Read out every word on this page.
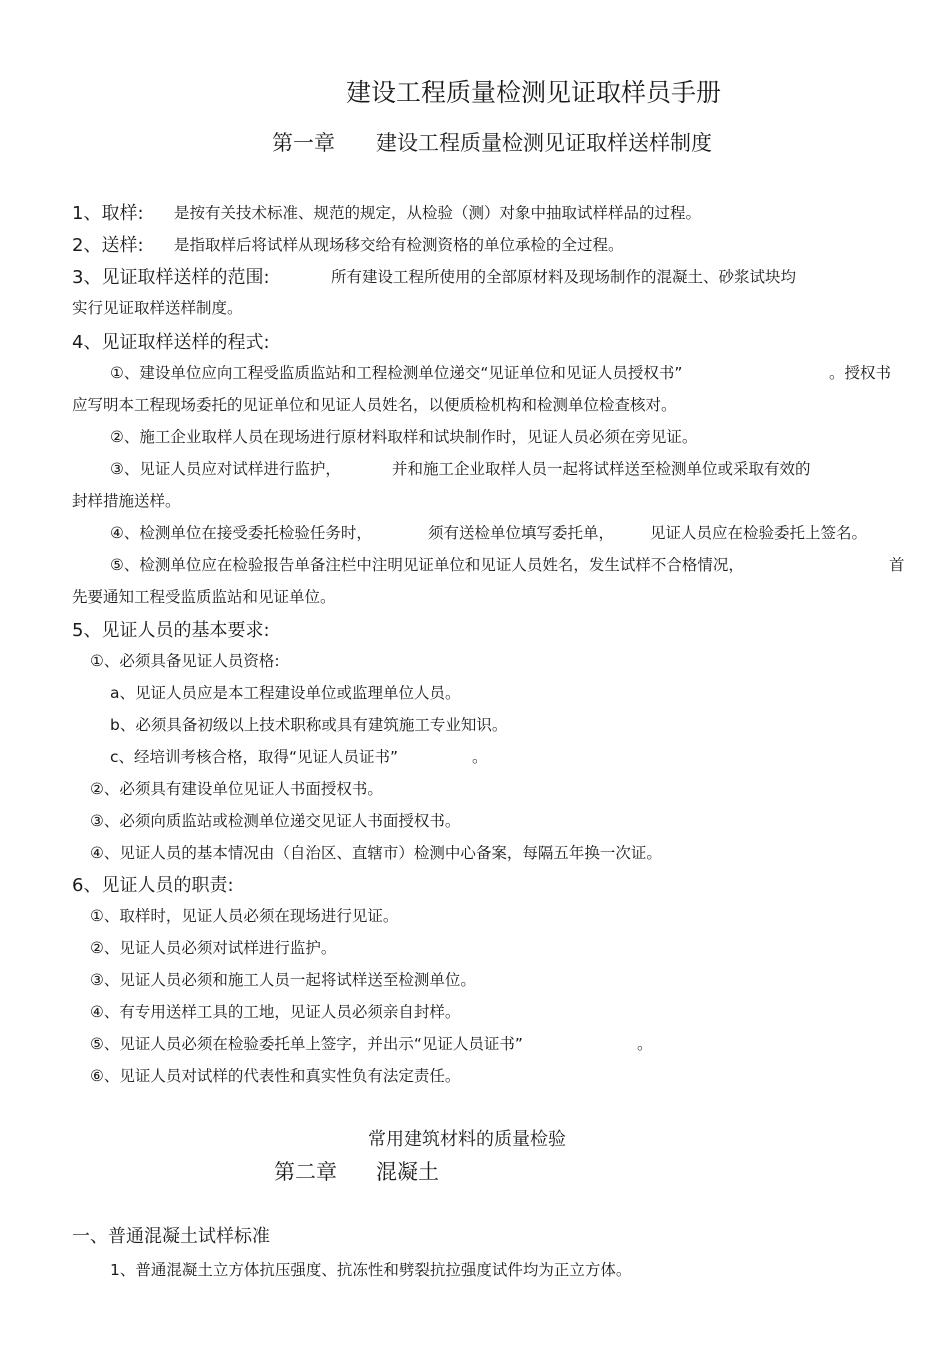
建设工程质量检测见证取样员手册
第一章 建设工程质量检测见证取样送样制度
1、取样: 是按有关技术标准、规范的规定，从检验（测）对象中抽取试样样品的过程。
2、送样: 是指取样后将试样从现场移交给有检测资格的单位承检的全过程。
3、见证取样送样的范围:	所有建设工程所使用的全部原材料及现场制作的混凝土、砂浆试块均
实行见证取样送样制度。
4、见证取样送样的程式:
①、建设单位应向工程受监质监站和工程检测单位递交“见证单位和见证人员授权书”	。授权书
应写明本工程现场委托的见证单位和见证人员姓名，以便质检机构和检测单位检查核对。
②、施工企业取样人员在现场进行原材料取样和试块制作时，见证人员必须在旁见证。
③、见证人员应对试样进行监护，	并和施工企业取样人员一起将试样送至检测单位或采取有效的
封样措施送样。
④、检测单位在接受委托检验任务时，	须有送检单位填写委托单， 见证人员应在检验委托上签名。
⑤、检测单位应在检验报告单备注栏中注明见证单位和见证人员姓名，发生试样不合格情况，	首
先要通知工程受监质监站和见证单位。
5、见证人员的基本要求:
①、必须具备见证人员资格:
a、见证人员应是本工程建设单位或监理单位人员。
b、必须具备初级以上技术职称或具有建筑施工专业知识。
c、经培训考核合格，取得“见证人员证书”	。
②、必须具有建设单位见证人书面授权书。
③、必须向质监站或检测单位递交见证人书面授权书。
④、见证人员的基本情况由（自治区、直辖市）检测中心备案，每隔五年换一次证。
6、见证人员的职责:
①、取样时，见证人员必须在现场进行见证。
②、见证人员必须对试样进行监护。
③、见证人员必须和施工人员一起将试样送至检测单位。
④、有专用送样工具的工地，见证人员必须亲自封样。
⑤、见证人员必须在检验委托单上签字，并出示“见证人员证书”	。
⑥、见证人员对试样的代表性和真实性负有法定责任。
常用建筑材料的质量检验
第二章 混凝土
一、普通混凝土试样标准
1、普通混凝土立方体抗压强度、抗冻性和劈裂抗拉强度试件均为正立方体。
